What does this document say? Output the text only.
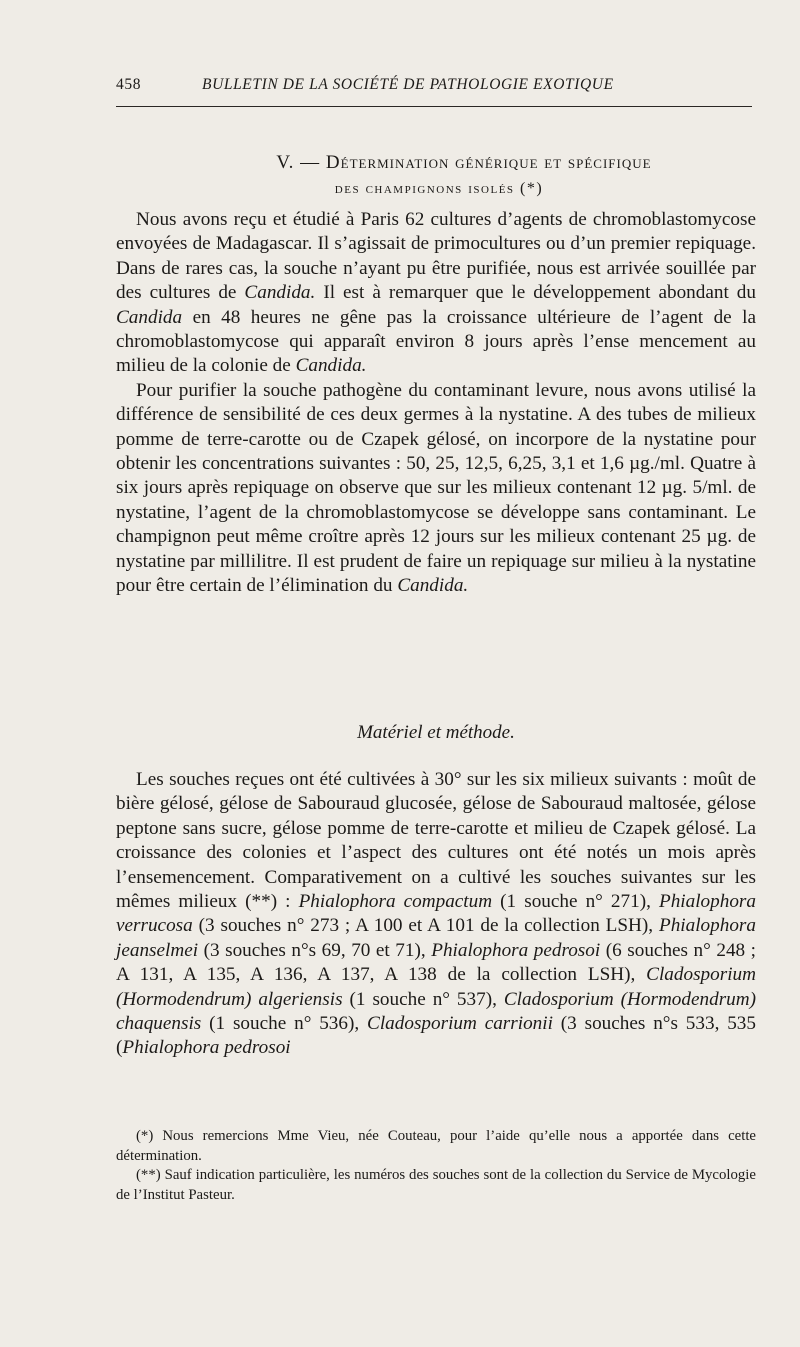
458	BULLETIN DE LA SOCIÉTÉ DE PATHOLOGIE EXOTIQUE
V. — Détermination générique et spécifique
des champignons isolés (*)

Nous avons reçu et étudié à Paris 62 cultures d’agents de chromoblastomycose envoyées de Madagascar. Il s’agissait de primocultures ou d’un premier repiquage. Dans de rares cas, la souche n’ayant pu être purifiée, nous est arrivée souillée par des cultures de Candida. Il est à remarquer que le développement abondant du Candida en 48 heures ne gêne pas la croissance ultérieure de l’agent de la chromoblastomycose qui apparaît environ 8 jours après l’ense mencement au milieu de la colonie de Candida.

Pour purifier la souche pathogène du contaminant levure, nous avons utilisé la différence de sensibilité de ces deux germes à la nystatine. A des tubes de milieux pomme de terre-carotte ou de Czapek gélosé, on incorpore de la nystatine pour obtenir les concentrations suivantes : 50, 25, 12,5, 6,25, 3,1 et 1,6 µg./ml. Quatre à six jours après repiquage on observe que sur les milieux contenant 12 µg. 5/ml. de nystatine, l’agent de la chromoblastomycose se développe sans contaminant. Le champignon peut même croître après 12 jours sur les milieux contenant 25 µg. de nystatine par millilitre. Il est prudent de faire un repiquage sur milieu à la nystatine pour être certain de l’élimination du Candida.

Matériel et méthode.

Les souches reçues ont été cultivées à 30° sur les six milieux suivants : moût de bière gélosé, gélose de Sabouraud glucosée, gélose de Sabouraud maltosée, gélose peptone sans sucre, gélose pomme de terre-carotte et milieu de Czapek gélosé. La croissance des colonies et l’aspect des cultures ont été notés un mois après l’ensemencement. Comparativement on a cultivé les souches suivantes sur les mêmes milieux (**) : Phialophora compactum (1 souche n° 271), Phialophora verrucosa (3 souches n° 273 ; A 100 et A 101 de la collection LSH), Phialophora jeanselmei (3 souches n°s 69, 70 et 71), Phialophora pedrosoi (6 souches n° 248 ; A 131, A 135, A 136, A 137, A 138 de la collection LSH), Cladosporium (Hormodendrum) algeriensis (1 souche n° 537), Cladosporium (Hormodendrum) chaquensis (1 souche n° 536), Cladosporium carrionii (3 souches n°s 533, 535 (Phialophora pedrosoi

(*) Nous remercions Mme Vieu, née Couteau, pour l’aide qu’elle nous a apportée dans cette détermination.

(**) Sauf indication particulière, les numéros des souches sont de la collection du Service de Mycologie de l’Institut Pasteur.
